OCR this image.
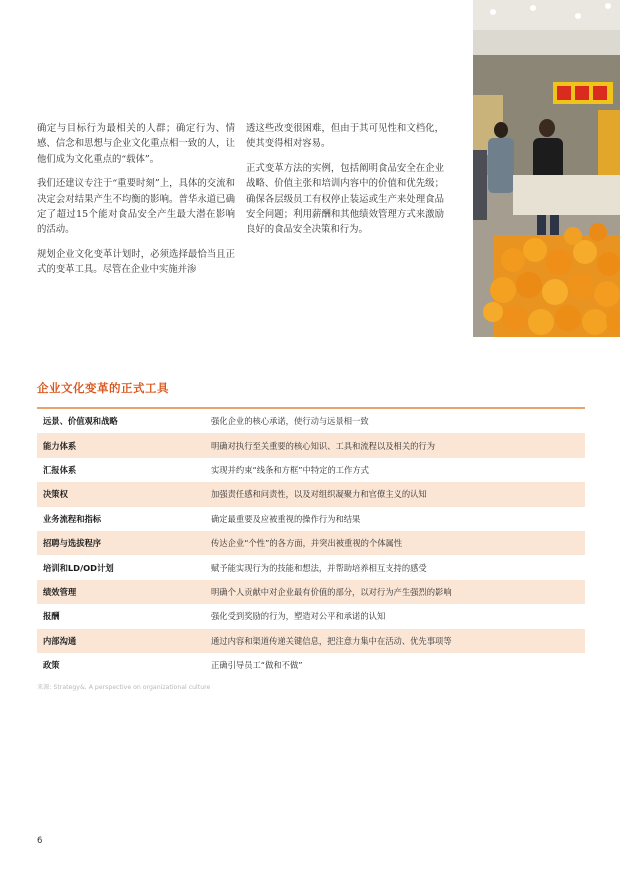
确定与目标行为最相关的人群；确定行为、情感、信念和思想与企业文化重点相一致的人，让他们成为文化重点的“载体”。

我们还建议专注于“重要时刻”上，具体的交流和决定会对结果产生不均衡的影响。普华永道已确定了超过15个能对食品安全产生最大潜在影响的活动。

规划企业文化变革计划时，必须选择最恰当且正式的变革工具。尽管在企业中实施并渗

透这些改变很困难，但由于其可见性和文档化，使其变得相对容易。

正式变革方法的实例，包括阐明食品安全在企业战略、价值主张和培训内容中的价值和优先级；确保各层级员工有权停止装运或生产来处理食品安全问题；利用薪酬和其他绩效管理方式来激励良好的食品安全决策和行为。

企业文化变革的正式工具
远景、价值观和战略	强化企业的核心承诺，使行动与远景相一致
能力体系	明确对执行至关重要的核心知识、工具和流程以及相关的行为
汇报体系	实现并约束“线条和方框”中特定的工作方式
决策权	加强责任感和问责性，以及对组织凝聚力和官僚主义的认知
业务流程和指标	确定最重要及应被重视的操作行为和结果
招聘与选拔程序	传达企业“个性”的各方面，并突出被重视的个体属性
培训和LD/OD计划	赋予能实现行为的技能和想法，并帮助培养相互支持的感受
绩效管理	明确个人贡献中对企业最有价值的部分，以对行为产生强烈的影响
报酬	强化受到奖励的行为，塑造对公平和承诺的认知
内部沟通	通过内容和渠道传递关键信息，把注意力集中在活动、优先事项等
政策	正确引导员工“做和不做”
来源: Strategy&, A perspective on organizational culture
6
